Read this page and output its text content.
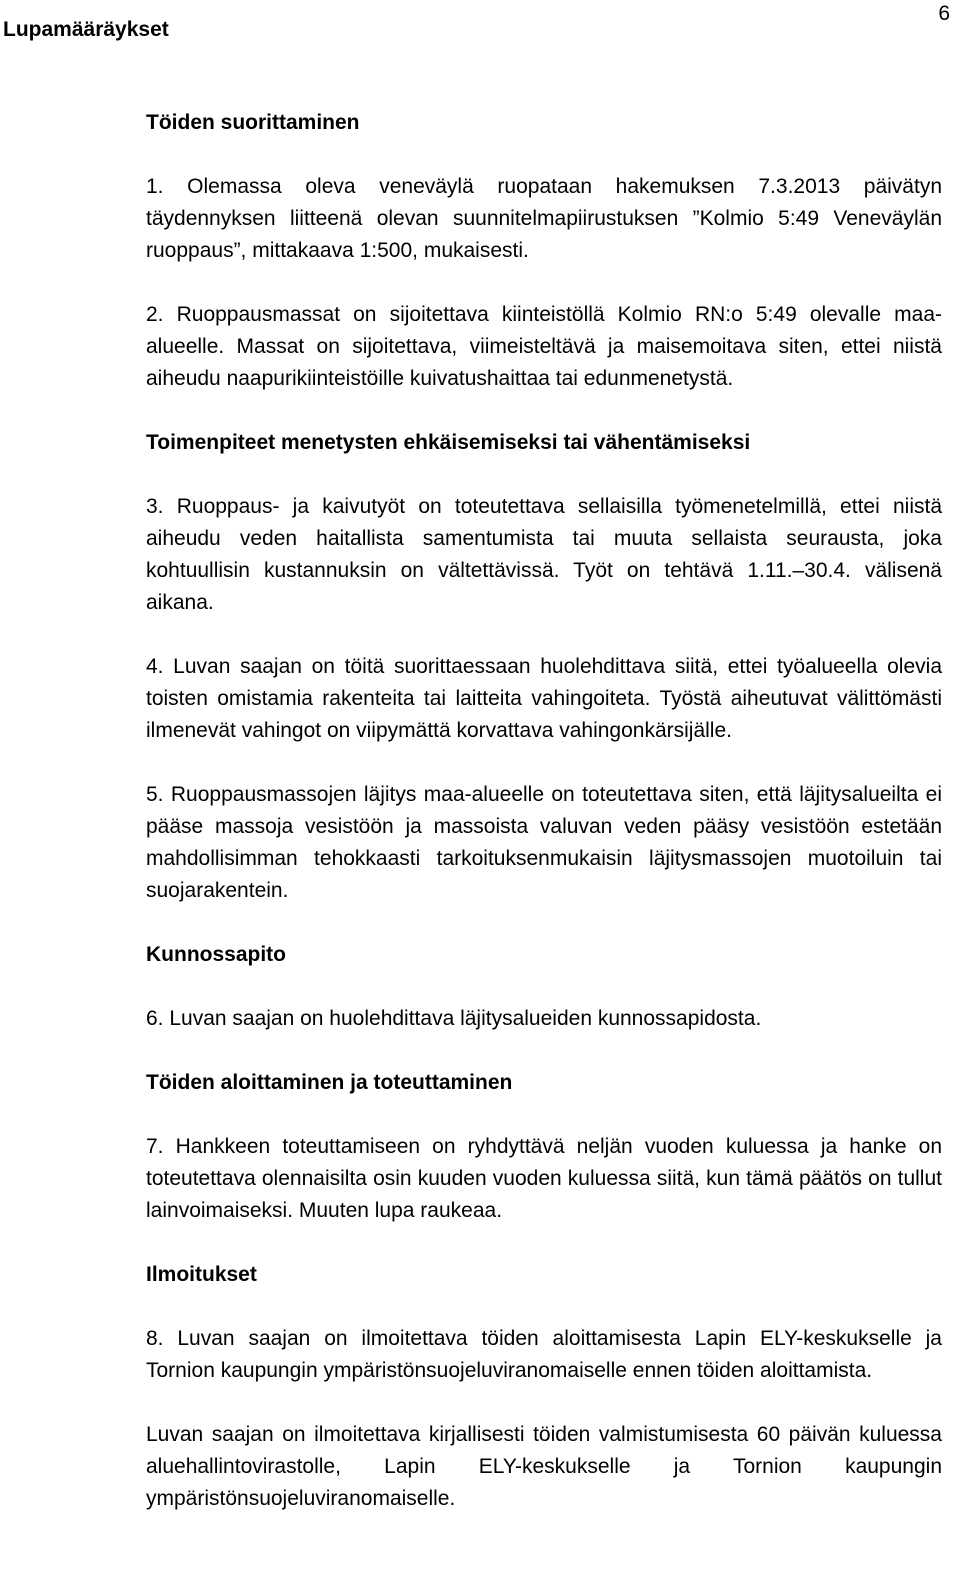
6
Lupamääräykset
Töiden suorittaminen

1. Olemassa oleva veneväylä ruopataan hakemuksen 7.3.2013 päivätyn täydennyksen liitteenä olevan suunnitelmapiirustuksen ”Kolmio 5:49 Veneväylän ruoppaus”, mittakaava 1:500, mukaisesti.

2. Ruoppausmassat on sijoitettava kiinteistöllä Kolmio RN:o 5:49 olevalle maa-alueelle. Massat on sijoitettava, viimeisteltävä ja maisemoitava siten, ettei niistä aiheudu naapurikiinteistöille kuivatushaittaa tai edunmenetystä.

Toimenpiteet menetysten ehkäisemiseksi tai vähentämiseksi

3. Ruoppaus- ja kaivutyöt on toteutettava sellaisilla työmenetelmillä, ettei niistä aiheudu veden haitallista samentumista tai muuta sellaista seurausta, joka kohtuullisin kustannuksin on vältettävissä. Työt on tehtävä 1.11.–30.4. välisenä aikana.

4. Luvan saajan on töitä suorittaessaan huolehdittava siitä, ettei työalueella olevia toisten omistamia rakenteita tai laitteita vahingoiteta. Työstä aiheutuvat välittömästi ilmenevät vahingot on viipymättä korvattava vahingonkärsijälle.

5. Ruoppausmassojen läjitys maa-alueelle on toteutettava siten, että läjitysalueilta ei pääse massoja vesistöön ja massoista valuvan veden pääsy vesistöön estetään mahdollisimman tehokkaasti tarkoituksenmukaisin läjitysmassojen muotoiluin tai suojarakentein.

Kunnossapito

6. Luvan saajan on huolehdittava läjitysalueiden kunnossapidosta.

Töiden aloittaminen ja toteuttaminen

7. Hankkeen toteuttamiseen on ryhdyttävä neljän vuoden kuluessa ja hanke on toteutettava olennaisilta osin kuuden vuoden kuluessa siitä, kun tämä päätös on tullut lainvoimaiseksi. Muuten lupa raukeaa.

Ilmoitukset

8. Luvan saajan on ilmoitettava töiden aloittamisesta Lapin ELY-keskukselle ja Tornion kaupungin ympäristönsuojeluviranomaiselle ennen töiden aloittamista.

Luvan saajan on ilmoitettava kirjallisesti töiden valmistumisesta 60 päivän kuluessa aluehallintovirastolle, Lapin ELY-keskukselle ja Tornion kaupungin ympäristönsuojeluviranomaiselle.
